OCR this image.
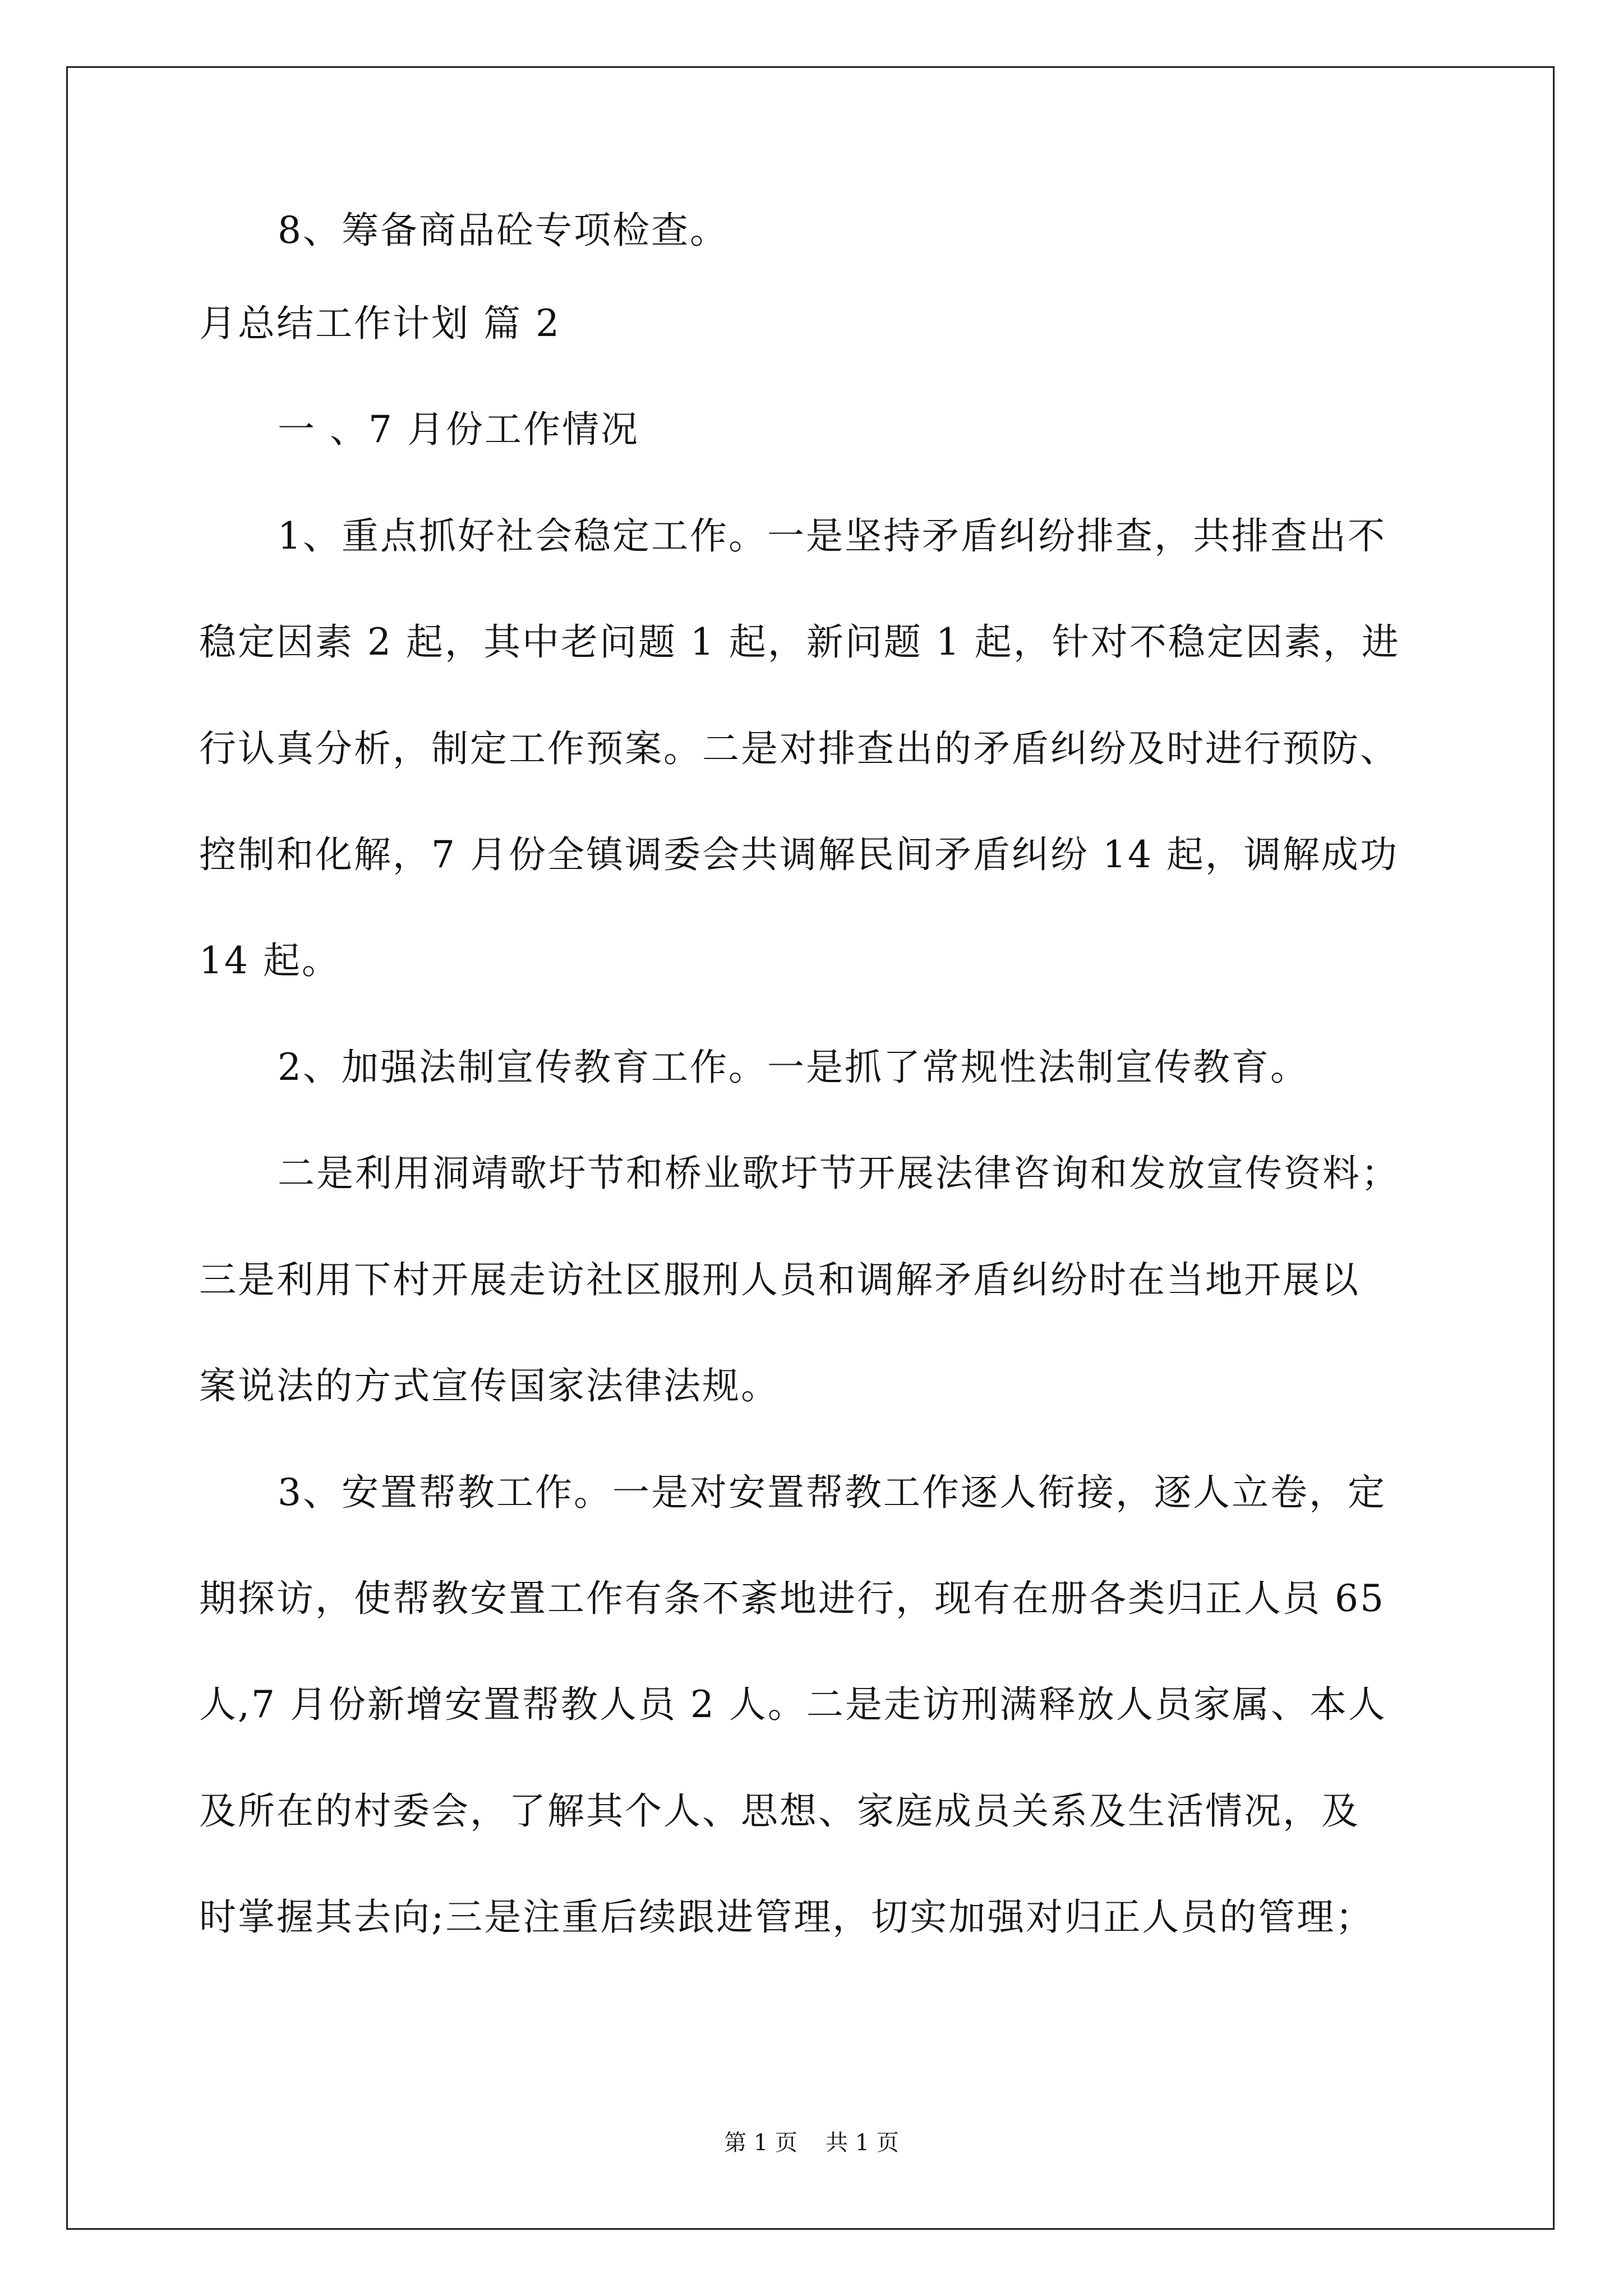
8、筹备商品砼专项检查。

月总结工作计划 篇 2

一 、7 月份工作情况

1、重点抓好社会稳定工作。一是坚持矛盾纠纷排查，共排查出不

稳定因素 2 起，其中老问题 1 起，新问题 1 起，针对不稳定因素，进

行认真分析，制定工作预案。二是对排查出的矛盾纠纷及时进行预防、

控制和化解，7 月份全镇调委会共调解民间矛盾纠纷 14 起，调解成功

14 起。

2、加强法制宣传教育工作。一是抓了常规性法制宣传教育。

二是利用洞靖歌圩节和桥业歌圩节开展法律咨询和发放宣传资料；

三是利用下村开展走访社区服刑人员和调解矛盾纠纷时在当地开展以

案说法的方式宣传国家法律法规。

3、安置帮教工作。一是对安置帮教工作逐人衔接，逐人立卷，定

期探访，使帮教安置工作有条不紊地进行，现有在册各类归正人员 65

人,7 月份新增安置帮教人员 2 人。二是走访刑满释放人员家属、本人

及所在的村委会，了解其个人、思想、家庭成员关系及生活情况，及

时掌握其去向;三是注重后续跟进管理，切实加强对归正人员的管理；

第 1 页 共 1 页
